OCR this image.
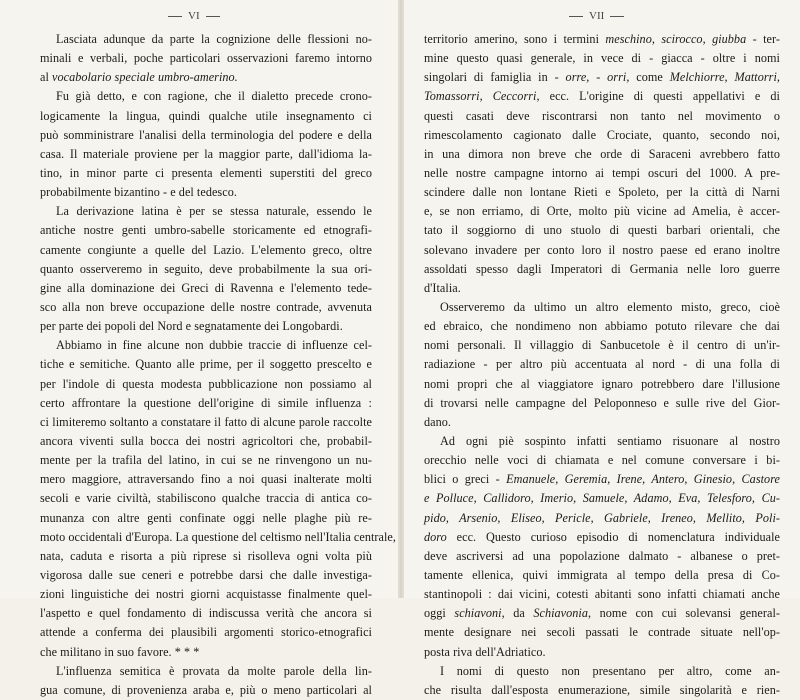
VI
Lasciata adunque da parte la cognizione delle flessioni no-
minali e verbali, poche particolari osservazioni faremo intorno
al vocabolario speciale umbro-amerino.
Fu già detto, e con ragione, che il dialetto precede crono-
logicamente la lingua, quindi qualche utile insegnamento ci
può somministrare l'analisi della terminologia del podere e della
casa. Il materiale proviene per la maggior parte, dall'idioma la-
tino, in minor parte ci presenta elementi superstiti del greco
probabilmente bizantino - e del tedesco.
La derivazione latina è per se stessa naturale, essendo le
antiche nostre genti umbro-sabelle storicamente ed etnografi-
camente congiunte a quelle del Lazio. L'elemento greco, oltre
quanto osserveremo in seguito, deve probabilmente la sua ori-
gine alla dominazione dei Greci di Ravenna e l'elemento tede-
sco alla non breve occupazione delle nostre contrade, avvenuta
per parte dei popoli del Nord e segnatamente dei Longobardi.
Abbiamo in fine alcune non dubbie traccie di influenze cel-
tiche e semitiche. Quanto alle prime, per il soggetto prescelto e
per l'indole di questa modesta pubblicazione non possiamo al
certo affrontare la questione dell'origine di simile influenza :
ci limiteremo soltanto a constatare il fatto di alcune parole raccolte
ancora viventi sulla bocca dei nostri agricoltori che, probabil-
mente per la trafila del latino, in cui se ne rinvengono un nu-
mero maggiore, attraversando fino a noi quasi inalterate molti
secoli e varie civiltà, stabiliscono qualche traccia di antica co-
munanza con altre genti confinate oggi nelle plaghe più re-
moto occidentali d'Europa. La questione del celtismo nell'Italia centrale,
nata, caduta e risorta a più riprese si risolleva ogni volta più
vigorosa dalle sue ceneri e potrebbe darsi che dalle investiga-
zioni linguistiche dei nostri giorni acquistasse finalmente quel-
l'aspetto e quel fondamento di indiscussa verità che ancora si
attende a conferma dei plausibili argomenti storico-etnografici
che militano in suo favore. * * *
L'influenza semitica è provata da molte parole della lin-
gua comune, di provenienza araba e, più o meno particolari al
VII
territorio amerino, sono i termini meschino, scirocco, giubba - ter-
mine questo quasi generale, in vece di - giacca - oltre i nomi
singolari di famiglia in - orre, - orri, come Melchiorre, Mattorri,
Tomassorri, Ceccorri, ecc. L'origine di questi appellativi e di
questi casati deve riscontrarsi non tanto nel movimento o
rimescolamento cagionato dalle Crociate, quanto, secondo noi,
in una dimora non breve che orde di Saraceni avrebbero fatto
nelle nostre campagne intorno ai tempi oscuri del 1000. A pre-
scindere dalle non lontane Rieti e Spoleto, per la città di Narni
e, se non erriamo, di Orte, molto più vicine ad Amelia, è accer-
tato il soggiorno di uno stuolo di questi barbari orientali, che
solevano invadere per conto loro il nostro paese ed erano inoltre
assoldati spesso dagli Imperatori di Germania nelle loro guerre
d'Italia.
Osserveremo da ultimo un altro elemento misto, greco, cioè
ed ebraico, che nondimeno non abbiamo potuto rilevare che dai
nomi personali. Il villaggio di Sanbucetole è il centro di un'ir-
radiazione - per altro più accentuata al nord - di una folla di
nomi propri che al viaggiatore ignaro potrebbero dare l'illusione
di trovarsi nelle campagne del Peloponneso e sulle rive del Gior-
dano.
Ad ogni piè sospinto infatti sentiamo risuonare al nostro
orecchio nelle voci di chiamata e nel comune conversare i bi-
blici o greci - Emanuele, Geremia, Irene, Antero, Ginesio, Castore
e Polluce, Callidoro, Imerio, Samuele, Adamo, Eva, Telesforo, Cu-
pido, Arsenio, Eliseo, Pericle, Gabriele, Ireneo, Mellito, Poli-
doro ecc. Questo curioso episodio di nomenclatura individuale
deve ascriversi ad una popolazione dalmato - albanese o pret-
tamente ellenica, quivi immigrata al tempo della presa di Co-
stantinopoli : dai vicini, cotesti abitanti sono infatti chiamati anche
oggi schiavoni, da Schiavonia, nome con cui solevansi general-
mente designare nei secoli passati le contrade situate nell'op-
posta riva dell'Adriatico.
I nomi di questo non presentano per altro, come an-
che risulta dall'esposta enumerazione, simile singolarità e rien-
